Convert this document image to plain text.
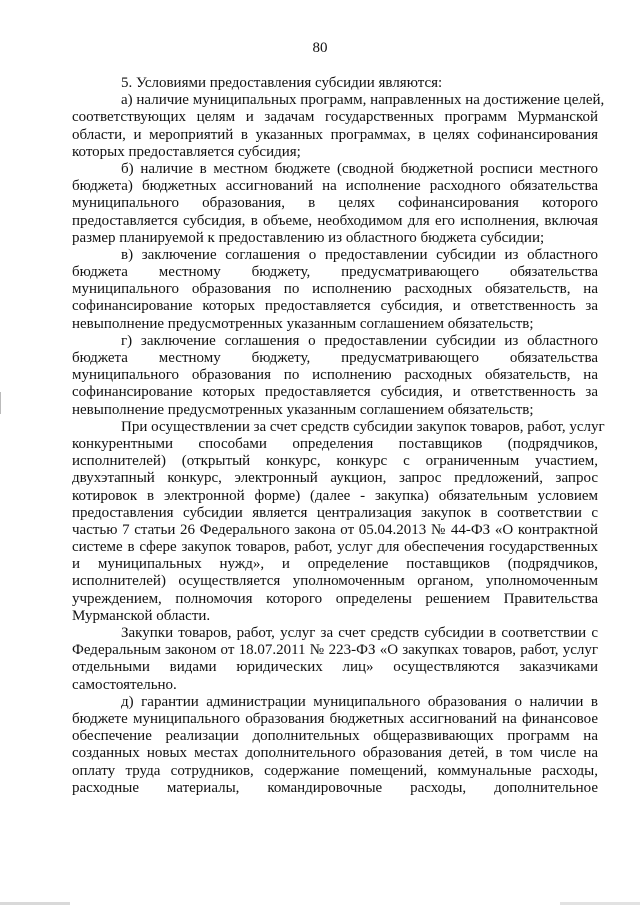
80
5. Условиями предоставления субсидии являются:
а) наличие муниципальных программ, направленных на достижение целей,
соответствующих целям и задачам государственных программ Мурманской
области, и мероприятий в указанных программах, в целях софинансирования
которых предоставляется субсидия;
б) наличие в местном бюджете (сводной бюджетной росписи местного
бюджета) бюджетных ассигнований на исполнение расходного обязательства
муниципального образования, в целях софинансирования которого
предоставляется субсидия, в объеме, необходимом для его исполнения, включая
размер планируемой к предоставлению из областного бюджета субсидии;
в) заключение соглашения о предоставлении субсидии из областного
бюджета местному бюджету, предусматривающего обязательства
муниципального образования по исполнению расходных обязательств, на
софинансирование которых предоставляется субсидия, и ответственность за
невыполнение предусмотренных указанным соглашением обязательств;
г) заключение соглашения о предоставлении субсидии из областного
бюджета местному бюджету, предусматривающего обязательства
муниципального образования по исполнению расходных обязательств, на
софинансирование которых предоставляется субсидия, и ответственность за
невыполнение предусмотренных указанным соглашением обязательств;
При осуществлении за счет средств субсидии закупок товаров, работ, услуг
конкурентными способами определения поставщиков (подрядчиков,
исполнителей) (открытый конкурс, конкурс с ограниченным участием,
двухэтапный конкурс, электронный аукцион, запрос предложений, запрос
котировок в электронной форме) (далее - закупка) обязательным условием
предоставления субсидии является централизация закупок в соответствии с
частью 7 статьи 26 Федерального закона от 05.04.2013 № 44-ФЗ «О контрактной
системе в сфере закупок товаров, работ, услуг для обеспечения государственных
и муниципальных нужд», и определение поставщиков (подрядчиков,
исполнителей) осуществляется уполномоченным органом, уполномоченным
учреждением, полномочия которого определены решением Правительства
Мурманской области.
Закупки товаров, работ, услуг за счет средств субсидии в соответствии с
Федеральным законом от 18.07.2011 № 223-ФЗ «О закупках товаров, работ, услуг
отдельными видами юридических лиц» осуществляются заказчиками
самостоятельно.
д) гарантии администрации муниципального образования о наличии в
бюджете муниципального образования бюджетных ассигнований на финансовое
обеспечение реализации дополнительных общеразвивающих программ на
созданных новых местах дополнительного образования детей, в том числе на
оплату труда сотрудников, содержание помещений, коммунальные расходы,
расходные материалы, командировочные расходы, дополнительное
